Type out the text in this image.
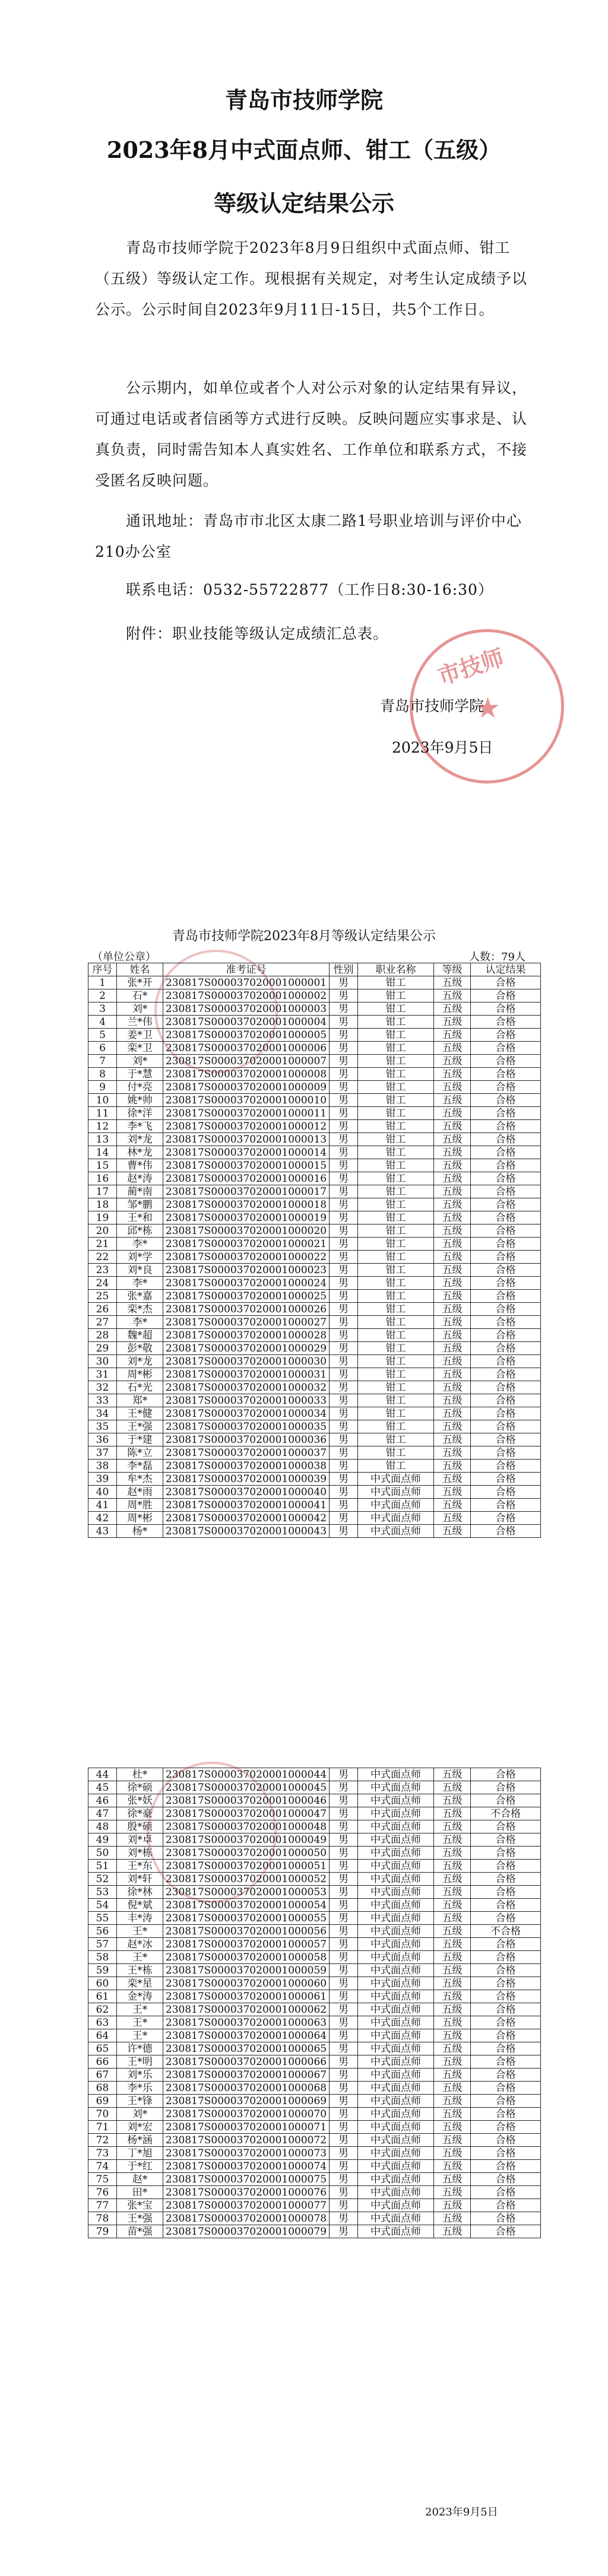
青岛市技师学院
2023年8月中式面点师、钳工（五级）
等级认定结果公示
青岛市技师学院于2023年8月9日组织中式面点师、钳工（五级）等级认定工作。现根据有关规定，对考生认定成绩予以公示。公示时间自2023年9月11日-15日，共5个工作日。
公示期内，如单位或者个人对公示对象的认定结果有异议，可通过电话或者信函等方式进行反映。反映问题应实事求是、认真负责，同时需告知本人真实姓名、工作单位和联系方式，不接受匿名反映问题。
通讯地址：青岛市市北区太康二路1号职业培训与评价中心210办公室
联系电话：0532-55722877（工作日8:30-16:30）
附件：职业技能等级认定成绩汇总表。
市技师
★
青岛市技师学院
2023年9月5日
青岛市技师学院2023年8月等级认定结果公示
（单位公章）	人数：79人
序号	姓名	准考证号	性别	职业名称	等级	认定结果
1	张*开	230817S000037020001000001	男	钳工	五级	合格
2	石*	230817S000037020001000002	男	钳工	五级	合格
3	刘*	230817S000037020001000003	男	钳工	五级	合格
4	兰*伟	230817S000037020001000004	男	钳工	五级	合格
5	姜*卫	230817S000037020001000005	男	钳工	五级	合格
6	栾*卫	230817S000037020001000006	男	钳工	五级	合格
7	刘*	230817S000037020001000007	男	钳工	五级	合格
8	于*慧	230817S000037020001000008	男	钳工	五级	合格
9	付*亮	230817S000037020001000009	男	钳工	五级	合格
10	姚*帅	230817S000037020001000010	男	钳工	五级	合格
11	徐*洋	230817S000037020001000011	男	钳工	五级	合格
12	李*飞	230817S000037020001000012	男	钳工	五级	合格
13	刘*龙	230817S000037020001000013	男	钳工	五级	合格
14	林*龙	230817S000037020001000014	男	钳工	五级	合格
15	曹*伟	230817S000037020001000015	男	钳工	五级	合格
16	赵*涛	230817S000037020001000016	男	钳工	五级	合格
17	蔺*南	230817S000037020001000017	男	钳工	五级	合格
18	邹*鹏	230817S000037020001000018	男	钳工	五级	合格
19	王*和	230817S000037020001000019	男	钳工	五级	合格
20	邱*栋	230817S000037020001000020	男	钳工	五级	合格
21	李*	230817S000037020001000021	男	钳工	五级	合格
22	刘*学	230817S000037020001000022	男	钳工	五级	合格
23	刘*良	230817S000037020001000023	男	钳工	五级	合格
24	李*	230817S000037020001000024	男	钳工	五级	合格
25	张*嘉	230817S000037020001000025	男	钳工	五级	合格
26	栾*杰	230817S000037020001000026	男	钳工	五级	合格
27	李*	230817S000037020001000027	男	钳工	五级	合格
28	魏*超	230817S000037020001000028	男	钳工	五级	合格
29	彭*敬	230817S000037020001000029	男	钳工	五级	合格
30	刘*龙	230817S000037020001000030	男	钳工	五级	合格
31	周*彬	230817S000037020001000031	男	钳工	五级	合格
32	石*光	230817S000037020001000032	男	钳工	五级	合格
33	郑*	230817S000037020001000033	男	钳工	五级	合格
34	王*健	230817S000037020001000034	男	钳工	五级	合格
35	王*强	230817S000037020001000035	男	钳工	五级	合格
36	于*建	230817S000037020001000036	男	钳工	五级	合格
37	陈*立	230817S000037020001000037	男	钳工	五级	合格
38	李*磊	230817S000037020001000038	男	钳工	五级	合格
39	牟*杰	230817S000037020001000039	男	中式面点师	五级	合格
40	赵*雨	230817S000037020001000040	男	中式面点师	五级	合格
41	周*胜	230817S000037020001000041	男	中式面点师	五级	合格
42	周*彬	230817S000037020001000042	男	中式面点师	五级	合格
43	杨*	230817S000037020001000043	男	中式面点师	五级	合格
44	杜*	230817S000037020001000044	男	中式面点师	五级	合格
45	徐*硕	230817S000037020001000045	男	中式面点师	五级	合格
46	张*妖	230817S000037020001000046	男	中式面点师	五级	合格
47	徐*豪	230817S000037020001000047	男	中式面点师	五级	不合格
48	殷*硕	230817S000037020001000048	男	中式面点师	五级	合格
49	刘*卓	230817S000037020001000049	男	中式面点师	五级	合格
50	刘*栋	230817S000037020001000050	男	中式面点师	五级	合格
51	王*东	230817S000037020001000051	男	中式面点师	五级	合格
52	刘*轩	230817S000037020001000052	男	中式面点师	五级	合格
53	徐*林	230817S000037020001000053	男	中式面点师	五级	合格
54	倪*斌	230817S000037020001000054	男	中式面点师	五级	合格
55	丰*涛	230817S000037020001000055	男	中式面点师	五级	合格
56	王*	230817S000037020001000056	男	中式面点师	五级	不合格
57	赵*冰	230817S000037020001000057	男	中式面点师	五级	合格
58	王*	230817S000037020001000058	男	中式面点师	五级	合格
59	王*栋	230817S000037020001000059	男	中式面点师	五级	合格
60	栾*星	230817S000037020001000060	男	中式面点师	五级	合格
61	金*涛	230817S000037020001000061	男	中式面点师	五级	合格
62	王*	230817S000037020001000062	男	中式面点师	五级	合格
63	王*	230817S000037020001000063	男	中式面点师	五级	合格
64	王*	230817S000037020001000064	男	中式面点师	五级	合格
65	许*德	230817S000037020001000065	男	中式面点师	五级	合格
66	王*明	230817S000037020001000066	男	中式面点师	五级	合格
67	刘*乐	230817S000037020001000067	男	中式面点师	五级	合格
68	李*乐	230817S000037020001000068	男	中式面点师	五级	合格
69	王*锋	230817S000037020001000069	男	中式面点师	五级	合格
70	刘*	230817S000037020001000070	男	中式面点师	五级	合格
71	刘*宏	230817S000037020001000071	男	中式面点师	五级	合格
72	杨*涵	230817S000037020001000072	男	中式面点师	五级	合格
73	丁*旭	230817S000037020001000073	男	中式面点师	五级	合格
74	于*红	230817S000037020001000074	男	中式面点师	五级	合格
75	赵*	230817S000037020001000075	男	中式面点师	五级	合格
76	田*	230817S000037020001000076	男	中式面点师	五级	合格
77	张*宝	230817S000037020001000077	男	中式面点师	五级	合格
78	王*强	230817S000037020001000078	男	中式面点师	五级	合格
79	苗*强	230817S000037020001000079	男	中式面点师	五级	合格
2023年9月5日
